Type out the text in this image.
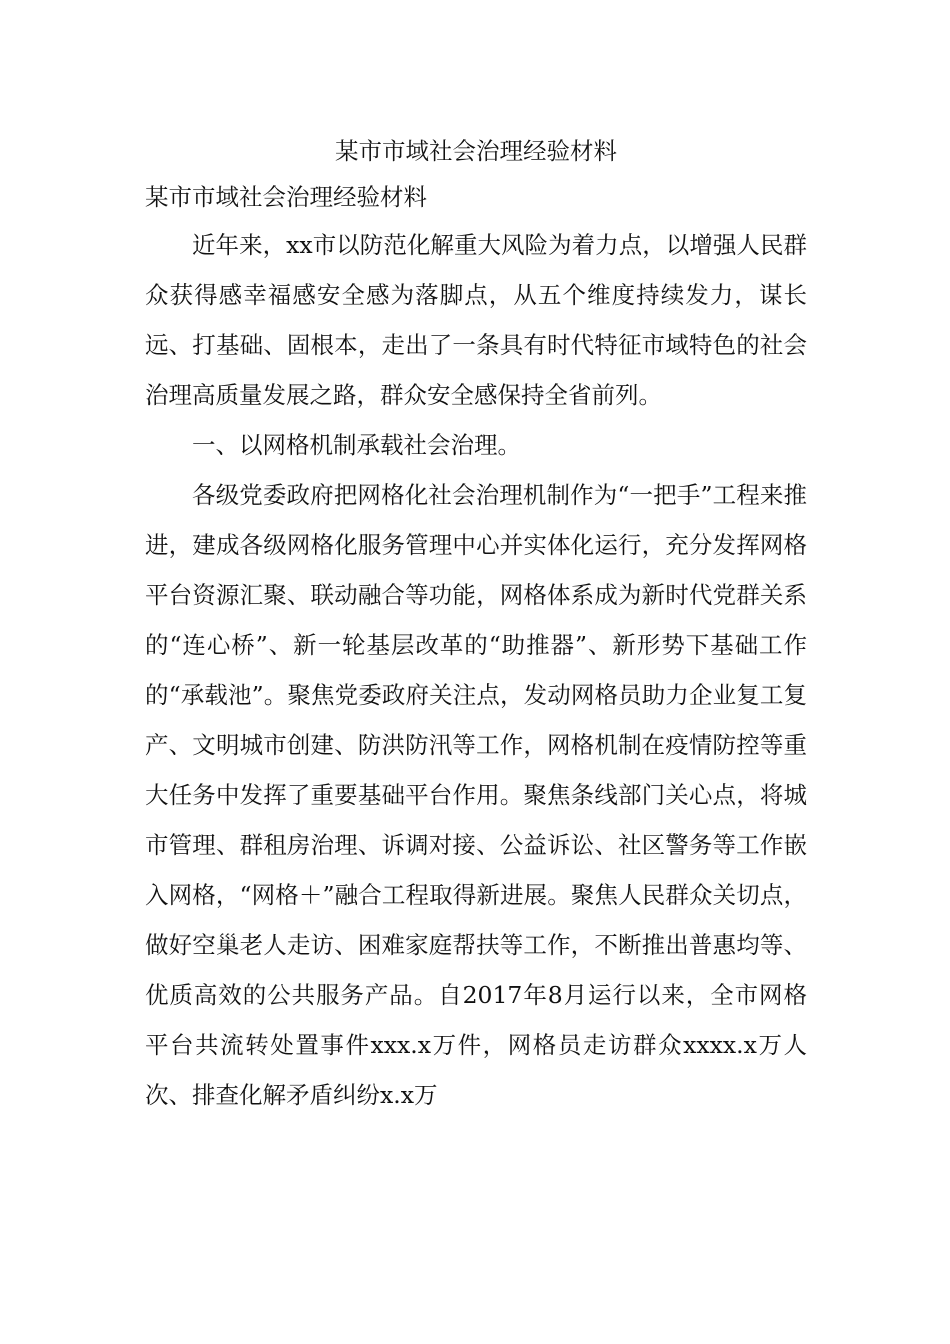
某市市域社会治理经验材料

某市市域社会治理经验材料

近年来，xx市以防范化解重大风险为着力点，以增强人民群众获得感幸福感安全感为落脚点，从五个维度持续发力，谋长远、打基础、固根本，走出了一条具有时代特征市域特色的社会治理高质量发展之路，群众安全感保持全省前列。

一、以网格机制承载社会治理。

各级党委政府把网格化社会治理机制作为“一把手”工程来推进，建成各级网格化服务管理中心并实体化运行，充分发挥网格平台资源汇聚、联动融合等功能，网格体系成为新时代党群关系的“连心桥”、新一轮基层改革的“助推器”、新形势下基础工作的“承载池”。聚焦党委政府关注点，发动网格员助力企业复工复产、文明城市创建、防洪防汛等工作，网格机制在疫情防控等重大任务中发挥了重要基础平台作用。聚焦条线部门关心点，将城市管理、群租房治理、诉调对接、公益诉讼、社区警务等工作嵌入网格，“网格＋”融合工程取得新进展。聚焦人民群众关切点，做好空巢老人走访、困难家庭帮扶等工作，不断推出普惠均等、优质高效的公共服务产品。自2017年8月运行以来，全市网格平台共流转处置事件xxx.x万件，网格员走访群众xxxx.x万人次、排查化解矛盾纠纷x.x万
